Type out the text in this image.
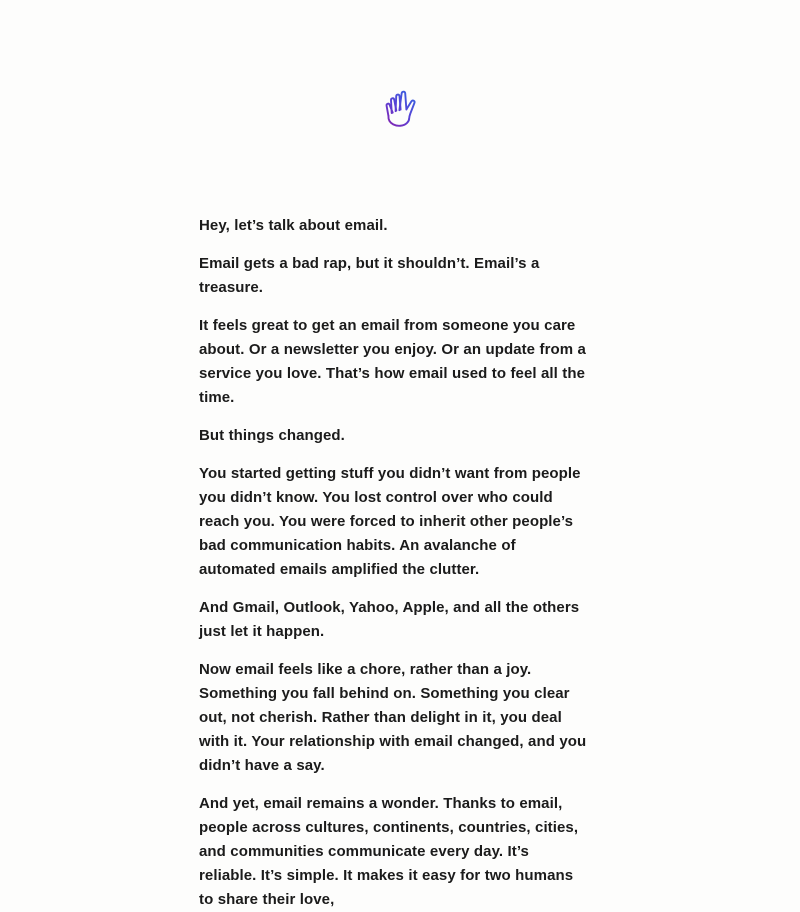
Hey, let’s talk about email.

Email gets a bad rap, but it shouldn’t. Email’s a treasure.

It feels great to get an email from someone you care about. Or a newsletter you enjoy. Or an update from a service you love. That’s how email used to feel all the time.

But things changed.

You started getting stuff you didn’t want from people you didn’t know. You lost control over who could reach you. You were forced to inherit other people’s bad communication habits. An avalanche of automated emails amplified the clutter.

And Gmail, Outlook, Yahoo, Apple, and all the others just let it happen.

Now email feels like a chore, rather than a joy. Something you fall behind on. Something you clear out, not cherish. Rather than delight in it, you deal with it. Your relationship with email changed, and you didn’t have a say.

And yet, email remains a wonder. Thanks to email, people across cultures, continents, countries, cities, and communities communicate every day. It’s reliable. It’s simple. It makes it easy for two humans to share their love,
